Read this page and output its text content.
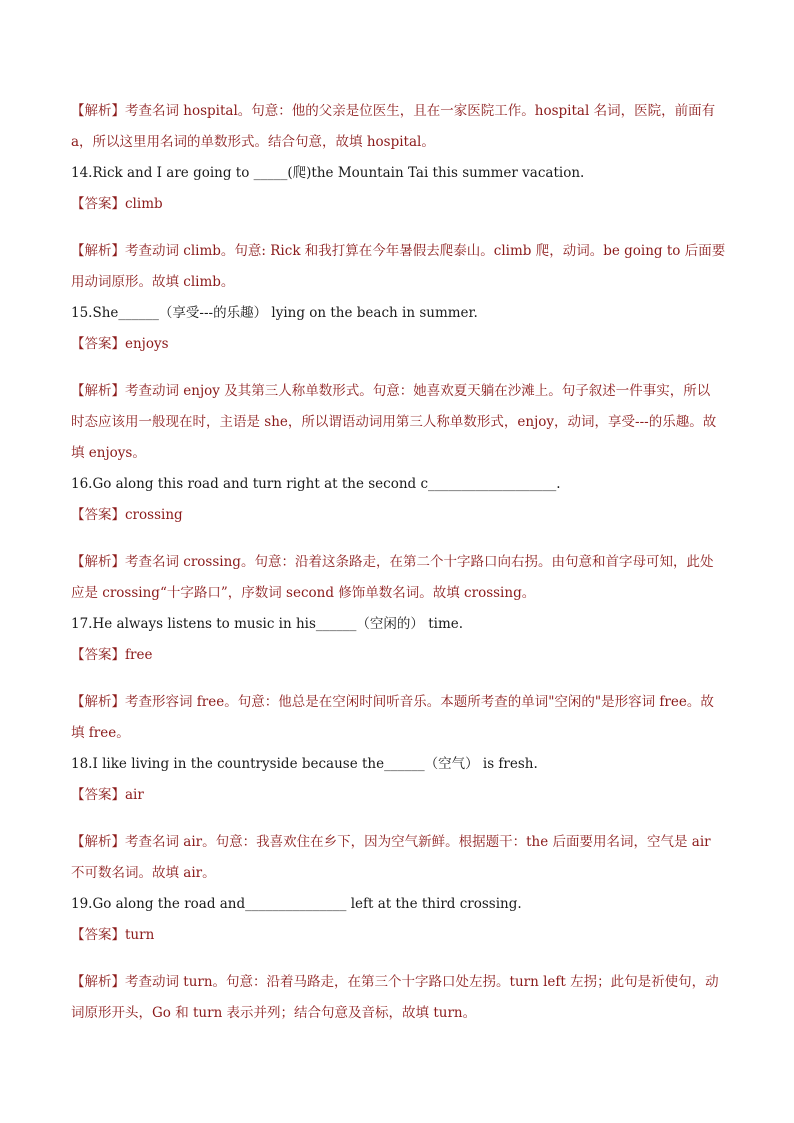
【解析】考查名词 hospital。句意：他的父亲是位医生，且在一家医院工作。hospital 名词，医院，前面有

a，所以这里用名词的单数形式。结合句意，故填 hospital。

14.Rick and I are going to _____(爬)the Mountain Tai this summer vacation.

【答案】climb

【解析】考查动词 climb。句意: Rick 和我打算在今年暑假去爬泰山。climb 爬，动词。be going to 后面要

用动词原形。故填 climb。

15.She______（享受---的乐趣） lying on the beach in summer.

【答案】enjoys

【解析】考查动词 enjoy 及其第三人称单数形式。句意：她喜欢夏天躺在沙滩上。句子叙述一件事实，所以

时态应该用一般现在时，主语是 she，所以谓语动词用第三人称单数形式，enjoy，动词，享受---的乐趣。故

填 enjoys。

16.Go along this road and turn right at the second c___________________.

【答案】crossing

【解析】考查名词 crossing。句意：沿着这条路走，在第二个十字路口向右拐。由句意和首字母可知，此处

应是 crossing“十字路口”，序数词 second 修饰单数名词。故填 crossing。

17.He always listens to music in his______（空闲的） time.

【答案】free

【解析】考查形容词 free。句意：他总是在空闲时间听音乐。本题所考查的单词"空闲的"是形容词 free。故

填 free。

18.I like living in the countryside because the______（空气） is fresh.

【答案】air

【解析】考查名词 air。句意：我喜欢住在乡下，因为空气新鲜。根据题干：the 后面要用名词，空气是 air

不可数名词。故填 air。

19.Go along the road and_______________ left at the third crossing.

【答案】turn

【解析】考查动词 turn。句意：沿着马路走，在第三个十字路口处左拐。turn left 左拐；此句是祈使句，动

词原形开头，Go 和 turn 表示并列；结合句意及音标，故填 turn。
